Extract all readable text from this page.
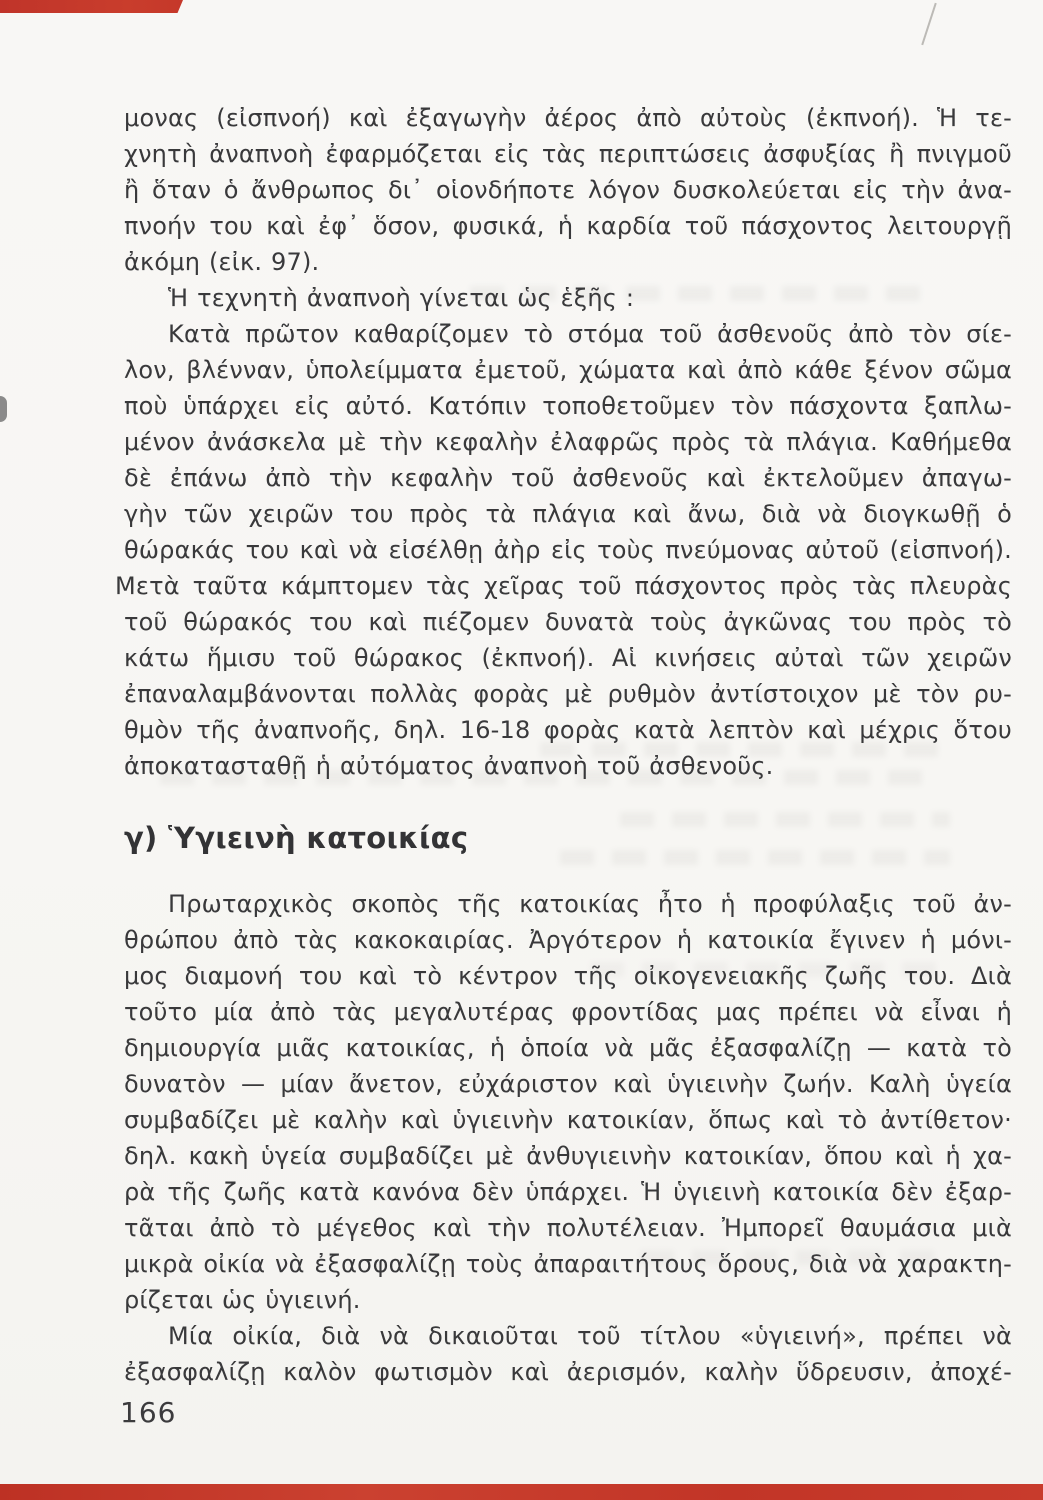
μονας (εἰσπνοή) καὶ ἐξαγωγὴν ἀέρος ἀπὸ αὐτοὺς (ἐκπνοή). Ἡ τε-
χνητὴ ἀναπνοὴ ἐφαρμόζεται εἰς τὰς περιπτώσεις ἀσφυξίας ἢ πνιγμοῦ
ἢ ὅταν ὁ ἄνθρωπος δι᾽ οἱονδήποτε λόγον δυσκολεύεται εἰς τὴν ἀνα-
πνοήν του καὶ ἐφ᾽ ὅσον, φυσικά, ἡ καρδία τοῦ πάσχοντος λειτουργῇ
ἀκόμη (εἰκ. 97).
Ἡ τεχνητὴ ἀναπνοὴ γίνεται ὡς ἑξῆς :
Κατὰ πρῶτον καθαρίζομεν τὸ στόμα τοῦ ἀσθενοῦς ἀπὸ τὸν σίε-
λον, βλένναν, ὑπολείμματα ἐμετοῦ, χώματα καὶ ἀπὸ κάθε ξένον σῶμα
ποὺ ὑπάρχει εἰς αὐτό. Κατόπιν τοποθετοῦμεν τὸν πάσχοντα ξαπλω-
μένον ἀνάσκελα μὲ τὴν κεφαλὴν ἐλαφρῶς πρὸς τὰ πλάγια. Καθήμεθα
δὲ ἐπάνω ἀπὸ τὴν κεφαλὴν τοῦ ἀσθενοῦς καὶ ἐκτελοῦμεν ἀπαγω-
γὴν τῶν χειρῶν του πρὸς τὰ πλάγια καὶ ἄνω, διὰ νὰ διογκωθῇ ὁ
θώρακάς του καὶ νὰ εἰσέλθῃ ἀὴρ εἰς τοὺς πνεύμονας αὐτοῦ (εἰσπνοή).
Μετὰ ταῦτα κάμπτομεν τὰς χεῖρας τοῦ πάσχοντος πρὸς τὰς πλευρὰς
τοῦ θώρακός του καὶ πιέζομεν δυνατὰ τοὺς ἀγκῶνας του πρὸς τὸ
κάτω ἥμισυ τοῦ θώρακος (ἐκπνοή). Αἱ κινήσεις αὐταὶ τῶν χειρῶν
ἐπαναλαμβάνονται πολλὰς φορὰς μὲ ρυθμὸν ἀντίστοιχον μὲ τὸν ρυ-
θμὸν τῆς ἀναπνοῆς, δηλ. 16-18 φορὰς κατὰ λεπτὸν καὶ μέχρις ὅτου
ἀποκατασταθῇ ἡ αὐτόματος ἀναπνοὴ τοῦ ἀσθενοῦς.
γ) Ὑγιεινὴ κατοικίας
Πρωταρχικὸς σκοπὸς τῆς κατοικίας ἦτο ἡ προφύλαξις τοῦ ἀν-
θρώπου ἀπὸ τὰς κακοκαιρίας. Ἀργότερον ἡ κατοικία ἔγινεν ἡ μόνι-
μος διαμονή του καὶ τὸ κέντρον τῆς οἰκογενειακῆς ζωῆς του. Διὰ
τοῦτο μία ἀπὸ τὰς μεγαλυτέρας φροντίδας μας πρέπει νὰ εἶναι ἡ
δημιουργία μιᾶς κατοικίας, ἡ ὁποία νὰ μᾶς ἐξασφαλίζῃ — κατὰ τὸ
δυνατὸν — μίαν ἄνετον, εὐχάριστον καὶ ὑγιεινὴν ζωήν. Καλὴ ὑγεία
συμβαδίζει μὲ καλὴν καὶ ὑγιεινὴν κατοικίαν, ὅπως καὶ τὸ ἀντίθετον·
δηλ. κακὴ ὑγεία συμβαδίζει μὲ ἀνθυγιεινὴν κατοικίαν, ὅπου καὶ ἡ χα-
ρὰ τῆς ζωῆς κατὰ κανόνα δὲν ὑπάρχει. Ἡ ὑγιεινὴ κατοικία δὲν ἐξαρ-
τᾶται ἀπὸ τὸ μέγεθος καὶ τὴν πολυτέλειαν. Ἠμπορεῖ θαυμάσια μιὰ
μικρὰ οἰκία νὰ ἐξασφαλίζῃ τοὺς ἀπαραιτήτους ὅρους, διὰ νὰ χαρακτη-
ρίζεται ὡς ὑγιεινή.
Μία οἰκία, διὰ νὰ δικαιοῦται τοῦ τίτλου «ὑγιεινή», πρέπει νὰ
ἐξασφαλίζῃ καλὸν φωτισμὸν καὶ ἀερισμόν, καλὴν ὕδρευσιν, ἀποχέ-
166
